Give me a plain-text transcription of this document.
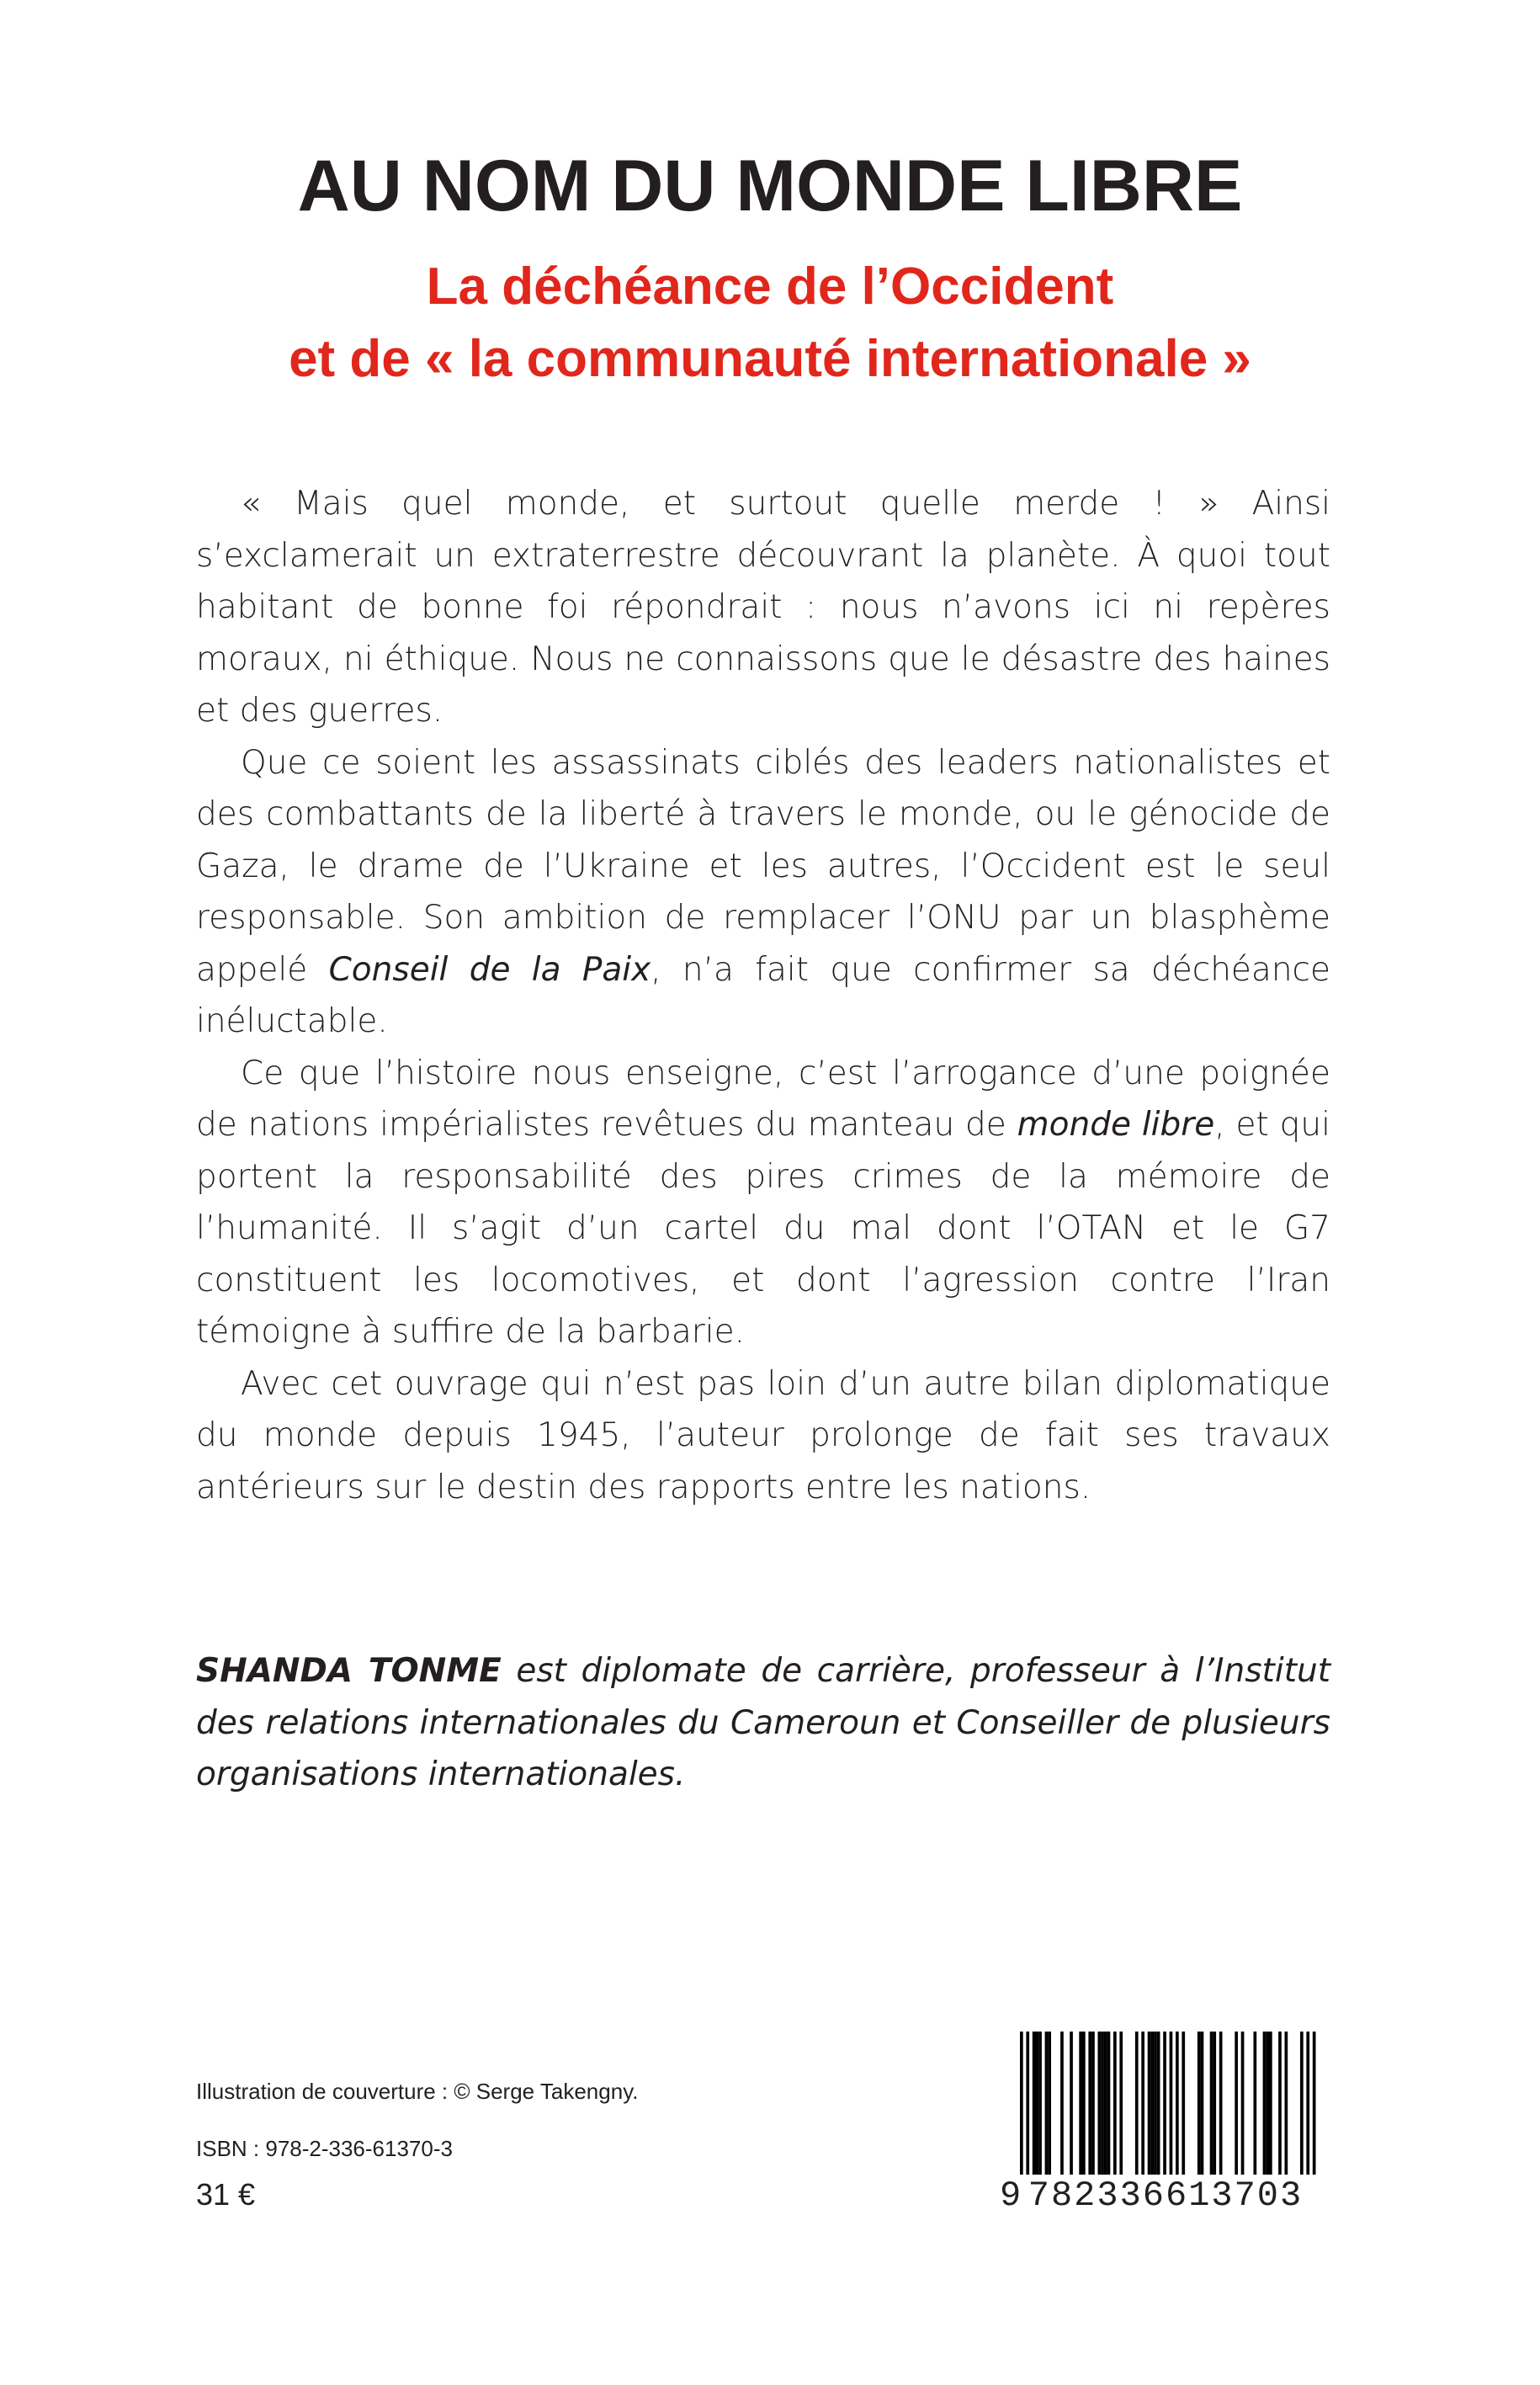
AU NOM DU MONDE LIBRE
La déchéance de l’Occident
et de « la communauté internationale »

« Mais quel monde, et surtout quelle merde ! » Ainsi s’exclamerait un extraterrestre découvrant la planète. À quoi tout habitant de bonne foi répondrait : nous n’avons ici ni repères moraux, ni éthique. Nous ne connaissons que le désastre des haines et des guerres.

Que ce soient les assassinats ciblés des leaders nationalistes et des combattants de la liberté à travers le monde, ou le génocide de Gaza, le drame de l’Ukraine et les autres, l’Occident est le seul responsable. Son ambition de remplacer l’ONU par un blasphème appelé Conseil de la Paix, n’a fait que confirmer sa déchéance inéluctable.

Ce que l’histoire nous enseigne, c’est l’arrogance d’une poignée de nations impérialistes revêtues du manteau de monde libre, et qui portent la responsabilité des pires crimes de la mémoire de l’humanité. Il s’agit d’un cartel du mal dont l’OTAN et le G7 constituent les locomotives, et dont l’agression contre l’Iran témoigne à suffire de la barbarie.

Avec cet ouvrage qui n’est pas loin d’un autre bilan diplomatique du monde depuis 1945, l’auteur prolonge de fait ses travaux antérieurs sur le destin des rapports entre les nations.

SHANDA TONME est diplomate de carrière, professeur à l’Institut des relations internationales du Cameroun et Conseiller de plusieurs organisations internationales.

Illustration de couverture : © Serge Takengny.
ISBN : 978-2-336-61370-3
31 €	9 782336613703
